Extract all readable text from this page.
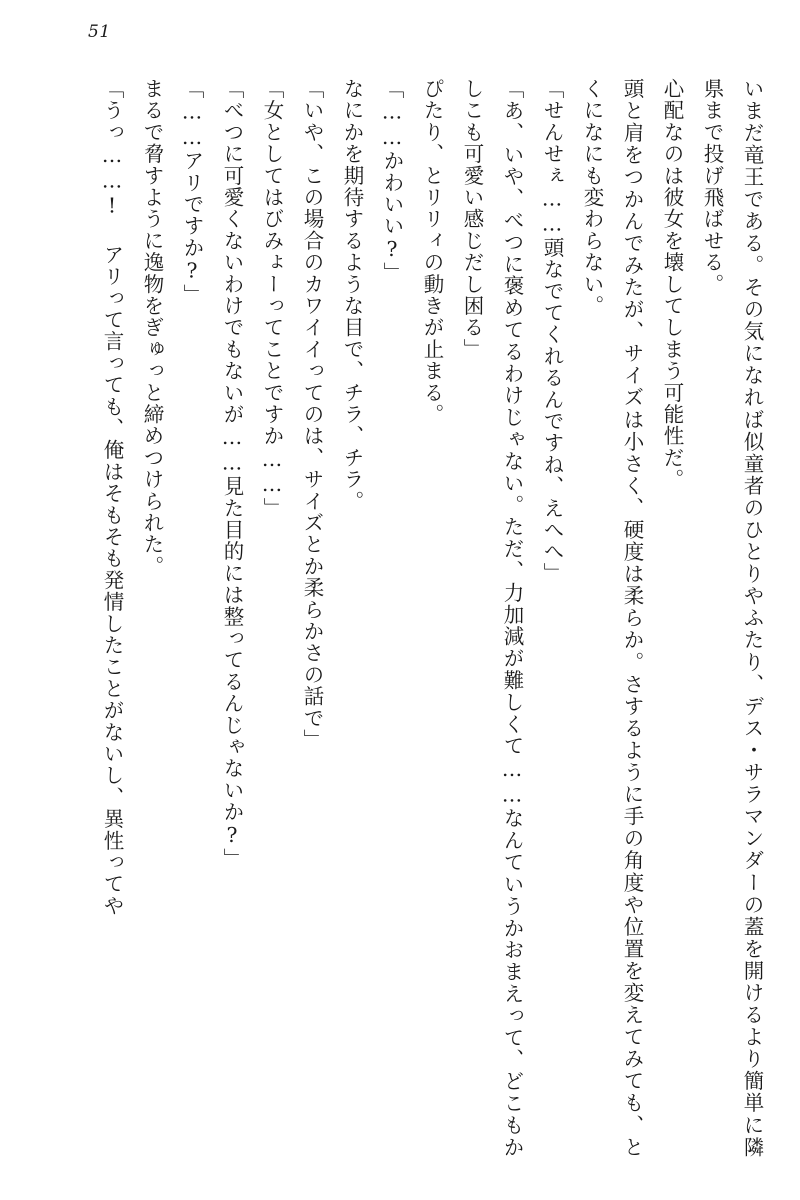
51

いまだ竜王である。その気になれば似童者のひとりやふたり、デス・サラマンダーの蓋を開けるより簡単に隣県まで投げ飛ばせる。

心配なのは彼女を壊してしまう可能性だ。

頭と肩をつかんでみたが、サイズは小さく、硬度は柔らか。さするように手の角度や位置を変えてみても、とくになにも変わらない。

「せんせぇ……頭なでてくれるんですね、えへへ」

「あ、いや、べつに褒めてるわけじゃない。ただ、力加減が難しくて……なんていうかおまえって、どこもかしこも可愛い感じだし困る」

ぴたり、とリリィの動きが止まる。

「……かわいい?」

なにかを期待するような目で、チラ、チラ。

「いや、この場合のカワイイってのは、サイズとか柔らかさの話で」

「女としてはびみょーってことですか……」

「べつに可愛くないわけでもないが……見た目的には整ってるんじゃないか?」

「……アリですか?」

まるで脅すように逸物をぎゅっと締めつけられた。

「うっ……! アリって言っても、俺はそもそも発情したことがないし、異性ってや
